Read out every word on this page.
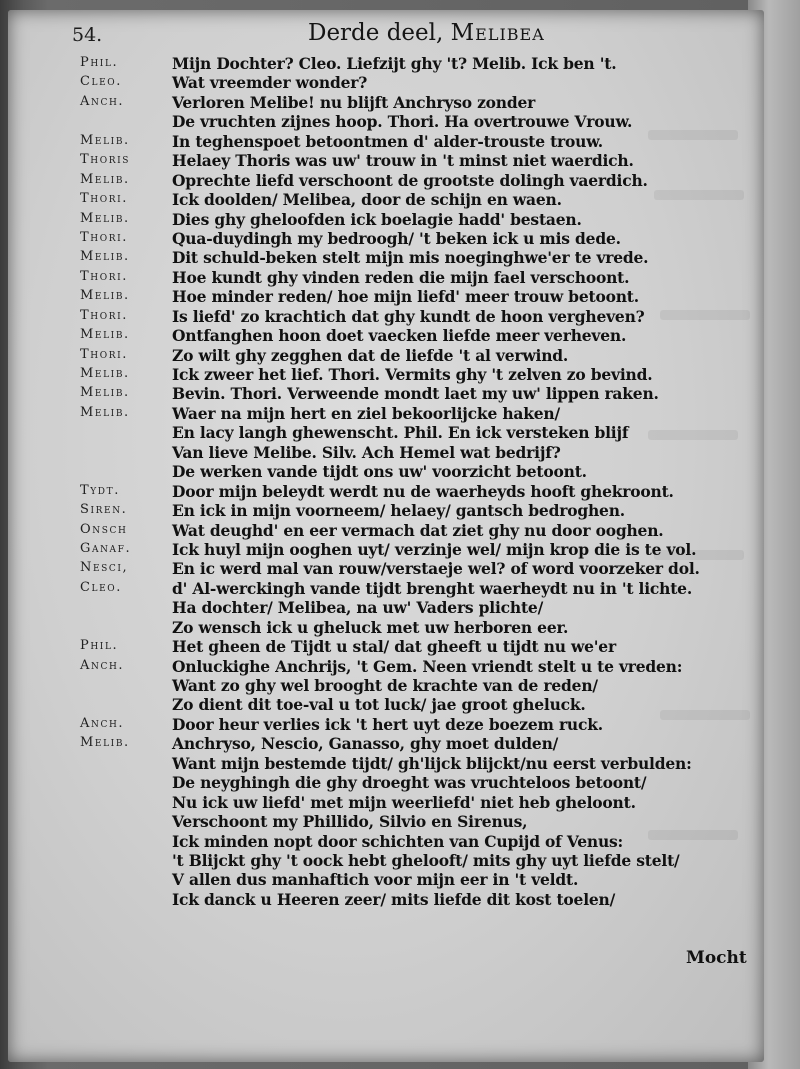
54.	Derde deel, Melibea
Phil.	Mijn Dochter? Cleo. Liefzijt ghy 't? Melib. Ick ben 't.
Cleo.	Wat vreemder wonder?
Anch.	Verloren Melibe! nu blijft Anchryso zonder
De vruchten zijnes hoop. Thori. Ha overtrouwe Vrouw.
Melib.	In teghenspoet betoontmen d' alder-trouste trouw.
Thoris	Helaey Thoris was uw' trouw in 't minst niet waerdich.
Melib.	Oprechte liefd verschoont de grootste dolingh vaerdich.
Thori.	Ick doolden/ Melibea, door de schijn en waen.
Melib.	Dies ghy gheloofden ick boelagie hadd' bestaen.
Thori.	Qua-duydingh my bedroogh/ 't beken ick u mis dede.
Melib.	Dit schuld-beken stelt mijn mis noeginghwe'er te vrede.
Thori.	Hoe kundt ghy vinden reden die mijn fael verschoont.
Melib.	Hoe minder reden/ hoe mijn liefd' meer trouw betoont.
Thori.	Is liefd' zo krachtich dat ghy kundt de hoon vergheven?
Melib.	Ontfanghen hoon doet vaecken liefde meer verheven.
Thori.	Zo wilt ghy zegghen dat de liefde 't al verwind.
Melib.	Ick zweer het lief. Thori. Vermits ghy 't zelven zo bevind.
Melib.	Bevin. Thori. Verweende mondt laet my uw' lippen raken.
Melib.	Waer na mijn hert en ziel bekoorlijcke haken/
En lacy langh ghewenscht. Phil. En ick versteken blijf
Van lieve Melibe. Silv. Ach Hemel wat bedrijf?
De werken vande tijdt ons uw' voorzicht betoont.
Tydt.	Door mijn beleydt werdt nu de waerheyds hooft ghekroont.
Siren.	En ick in mijn voorneem/ helaey/ gantsch bedroghen.
Onsch	Wat deughd' en eer vermach dat ziet ghy nu door ooghen.
Ganaf.	Ick huyl mijn ooghen uyt/ verzinje wel/ mijn krop die is te vol.
Nesci,	En ic werd mal van rouw/verstaeje wel? of word voorzeker dol.
Cleo.	d' Al-werckingh vande tijdt brenght waerheydt nu in 't lichte.
Ha dochter/ Melibea, na uw' Vaders plichte/
Zo wensch ick u gheluck met uw herboren eer.
Phil.	Het gheen de Tijdt u stal/ dat gheeft u tijdt nu we'er
Anch.	Onluckighe Anchrijs, 't Gem. Neen vriendt stelt u te vreden:
Want zo ghy wel brooght de krachte van de reden/
Zo dient dit toe-val u tot luck/ jae groot gheluck.
Anch.	Door heur verlies ick 't hert uyt deze boezem ruck.
Melib.	Anchryso, Nescio, Ganasso, ghy moet dulden/
Want mijn bestemde tijdt/ gh'lijck blijckt/nu eerst verbulden:
De neyghingh die ghy droeght was vruchteloos betoont/
Nu ick uw liefd' met mijn weerliefd' niet heb gheloont.
Verschoont my Phillido, Silvio en Sirenus,
Ick minden nopt door schichten van Cupijd of Venus:
't Blijckt ghy 't oock hebt ghelooft/ mits ghy uyt liefde stelt/
V allen dus manhaftich voor mijn eer in 't veldt.
Ick danck u Heeren zeer/ mits liefde dit kost toelen/
Mocht
